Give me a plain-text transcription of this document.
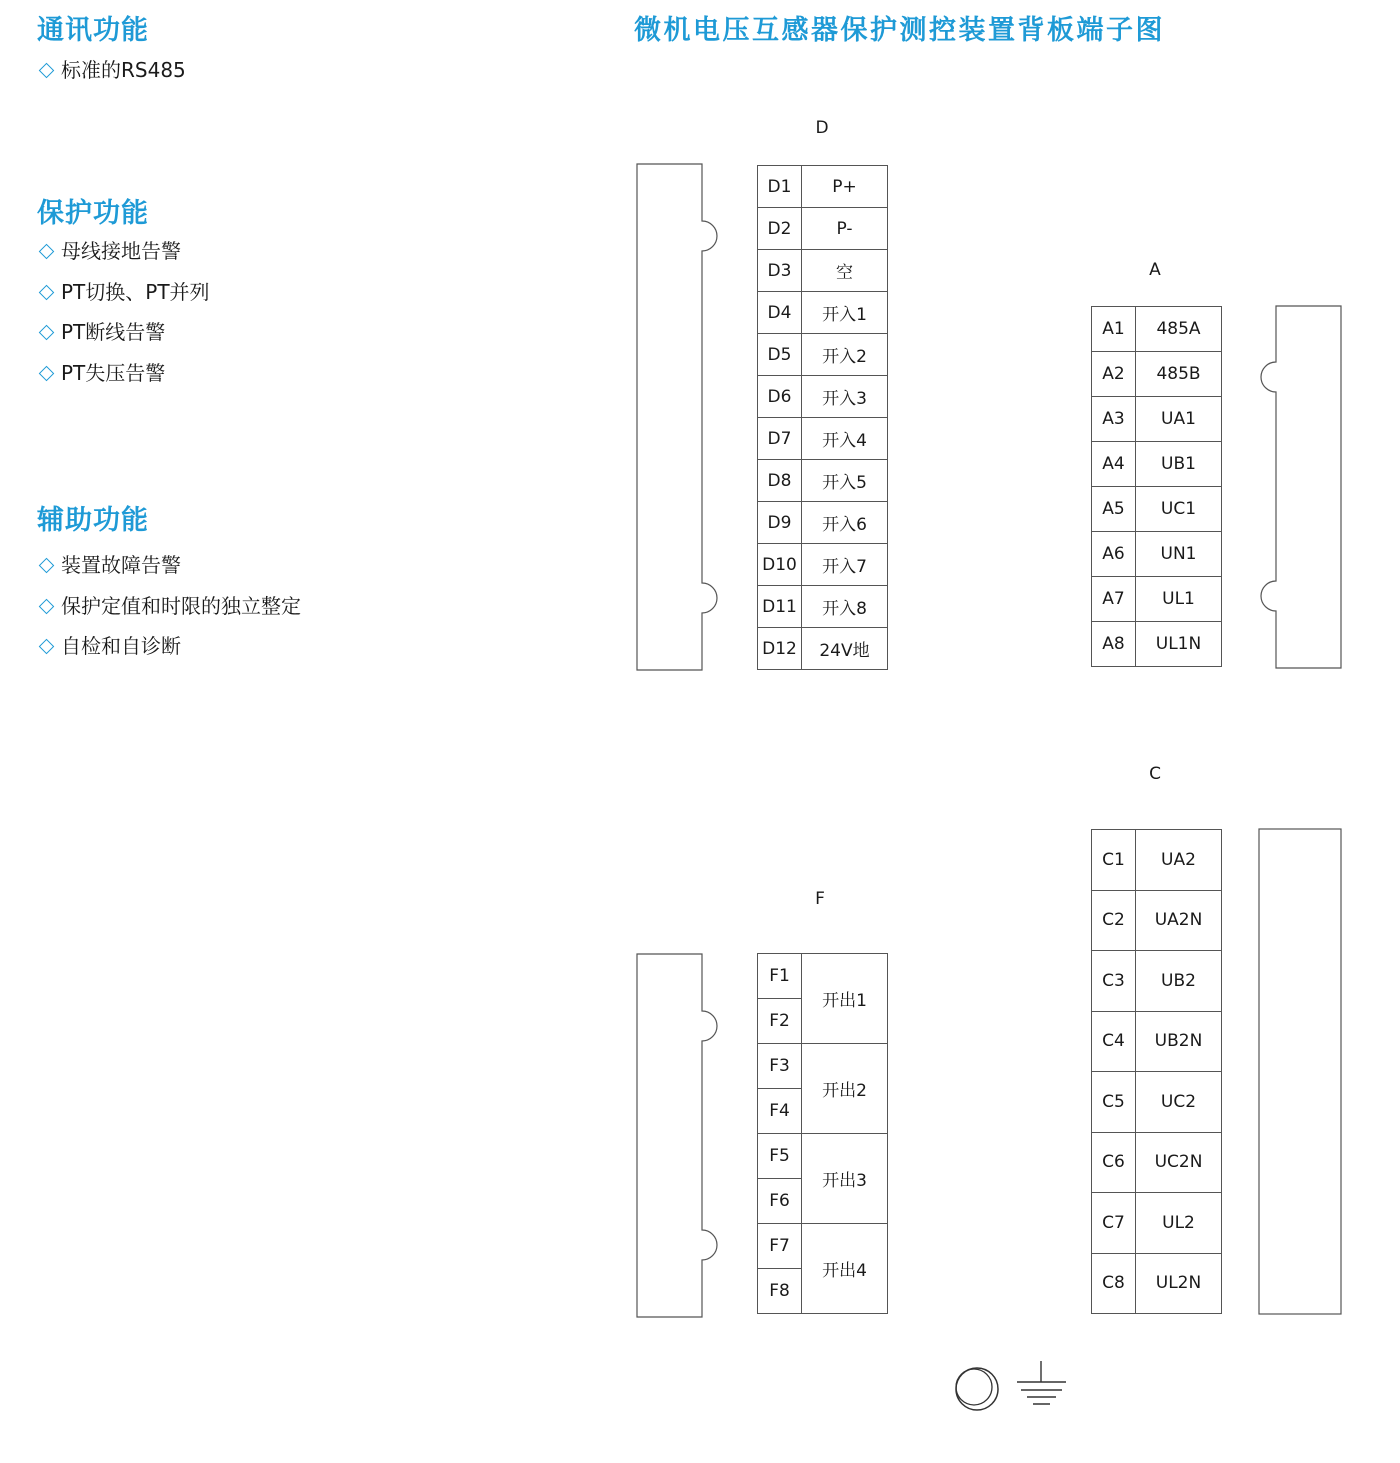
通讯功能
标准的RS485
保护功能
母线接地告警
PT切换、PT并列
PT断线告警
PT失压告警
辅助功能
装置故障告警
保护定值和时限的独立整定
自检和自诊断
微机电压互感器保护测控装置背板端子图
D
A
F
C
D1	P+
D2	P-
D3	空
D4	开入1
D5	开入2
D6	开入3
D7	开入4
D8	开入5
D9	开入6
D10	开入7
D11	开入8
D12	24V地
A1	485A
A2	485B
A3	UA1
A4	UB1
A5	UC1
A6	UN1
A7	UL1
A8	UL1N
F1	开出1
F2	
F3	开出2
F4	
F5	开出3
F6	
F7	开出4
F8	
C1	UA2
C2	UA2N
C3	UB2
C4	UB2N
C5	UC2
C6	UC2N
C7	UL2
C8	UL2N
